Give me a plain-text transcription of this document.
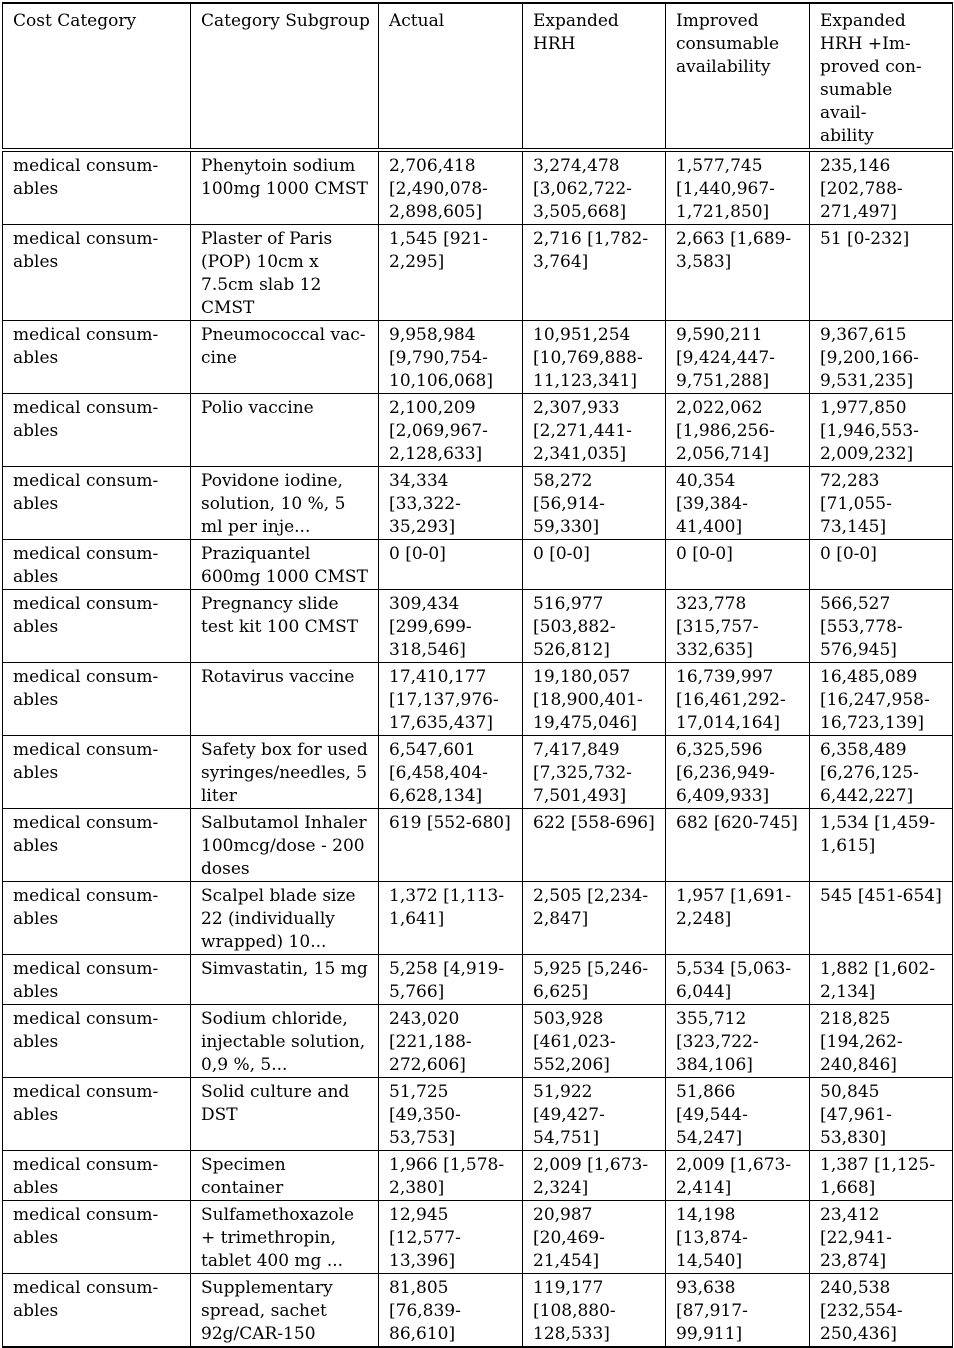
Cost Category	Category Subgroup	Actual	Expanded
HRH	Improved
consumable
availability	Expanded
HRH +Im-
proved con-
sumable avail-
ability

medical consum-
ables	Phenytoin sodium
100mg 1000 CMST	2,706,418
[2,490,078-
2,898,605]	3,274,478
[3,062,722-
3,505,668]	1,577,745
[1,440,967-
1,721,850]	235,146
[202,788-
271,497]

medical consum-
ables	Plaster of Paris
(POP) 10cm x
7.5cm slab 12
CMST	1,545 [921-
2,295]	2,716 [1,782-
3,764]	2,663 [1,689-
3,583]	51 [0-232]

medical consum-
ables	Pneumococcal vac-
cine	9,958,984
[9,790,754-
10,106,068]	10,951,254
[10,769,888-
11,123,341]	9,590,211
[9,424,447-
9,751,288]	9,367,615
[9,200,166-
9,531,235]

medical consum-
ables	Polio vaccine	2,100,209
[2,069,967-
2,128,633]	2,307,933
[2,271,441-
2,341,035]	2,022,062
[1,986,256-
2,056,714]	1,977,850
[1,946,553-
2,009,232]

medical consum-
ables	Povidone iodine,
solution, 10 %, 5
ml per inje...	34,334
[33,322-
35,293]	58,272
[56,914-
59,330]	40,354
[39,384-
41,400]	72,283
[71,055-
73,145]

medical consum-
ables	Praziquantel
600mg 1000 CMST	0 [0-0]	0 [0-0]	0 [0-0]	0 [0-0]

medical consum-
ables	Pregnancy slide
test kit 100 CMST	309,434
[299,699-
318,546]	516,977
[503,882-
526,812]	323,778
[315,757-
332,635]	566,527
[553,778-
576,945]

medical consum-
ables	Rotavirus vaccine	17,410,177
[17,137,976-
17,635,437]	19,180,057
[18,900,401-
19,475,046]	16,739,997
[16,461,292-
17,014,164]	16,485,089
[16,247,958-
16,723,139]

medical consum-
ables	Safety box for used
syringes/needles, 5
liter	6,547,601
[6,458,404-
6,628,134]	7,417,849
[7,325,732-
7,501,493]	6,325,596
[6,236,949-
6,409,933]	6,358,489
[6,276,125-
6,442,227]

medical consum-
ables	Salbutamol Inhaler
100mcg/dose - 200
doses	619 [552-680]	622 [558-696]	682 [620-745]	1,534 [1,459-
1,615]

medical consum-
ables	Scalpel blade size
22 (individually
wrapped) 10...	1,372 [1,113-
1,641]	2,505 [2,234-
2,847]	1,957 [1,691-
2,248]	545 [451-654]

medical consum-
ables	Simvastatin, 15 mg	5,258 [4,919-
5,766]	5,925 [5,246-
6,625]	5,534 [5,063-
6,044]	1,882 [1,602-
2,134]

medical consum-
ables	Sodium chloride,
injectable solution,
0,9 %, 5...	243,020
[221,188-
272,606]	503,928
[461,023-
552,206]	355,712
[323,722-
384,106]	218,825
[194,262-
240,846]

medical consum-
ables	Solid culture and
DST	51,725
[49,350-
53,753]	51,922
[49,427-
54,751]	51,866
[49,544-
54,247]	50,845
[47,961-
53,830]

medical consum-
ables	Specimen container	1,966 [1,578-
2,380]	2,009 [1,673-
2,324]	2,009 [1,673-
2,414]	1,387 [1,125-
1,668]

medical consum-
ables	Sulfamethoxazole
+ trimethropin,
tablet 400 mg ...	12,945
[12,577-
13,396]	20,987
[20,469-
21,454]	14,198
[13,874-
14,540]	23,412
[22,941-
23,874]

medical consum-
ables	Supplementary
spread, sachet
92g/CAR-150	81,805
[76,839-
86,610]	119,177
[108,880-
128,533]	93,638
[87,917-
99,911]	240,538
[232,554-
250,436]
